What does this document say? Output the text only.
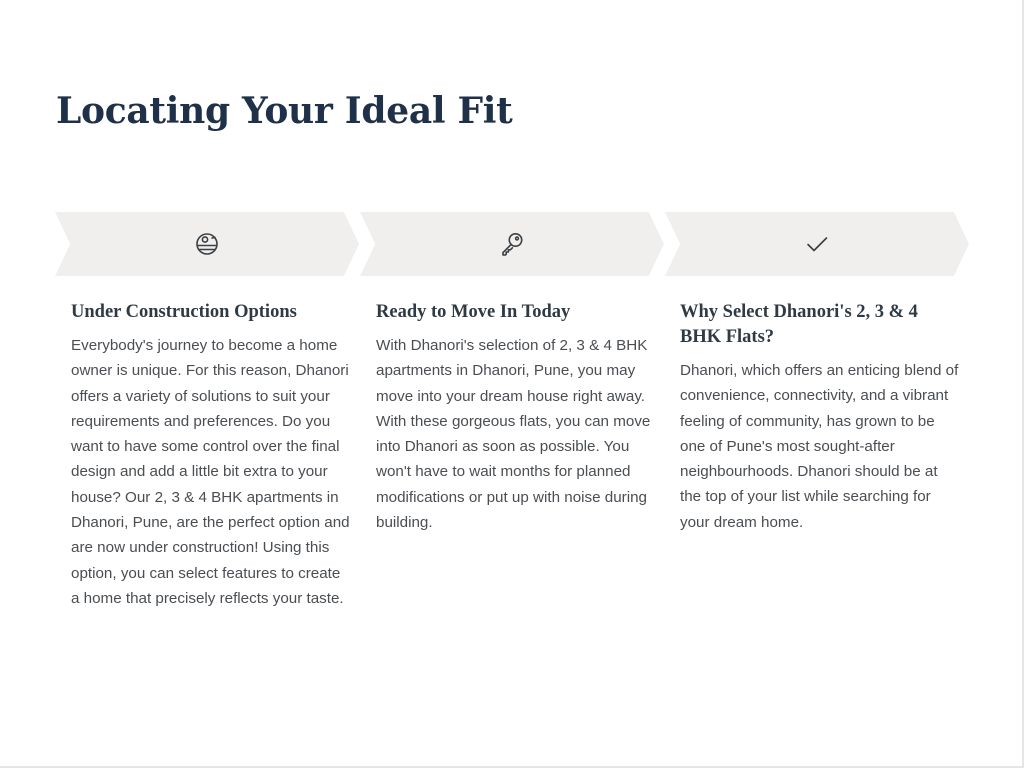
Locating Your Ideal Fit
Under Construction Options

Everybody's journey to become a home owner is unique. For this reason, Dhanori offers a variety of solutions to suit your requirements and preferences. Do you want to have some control over the final design and add a little bit extra to your house? Our 2, 3 & 4 BHK apartments in Dhanori, Pune, are the perfect option and are now under construction! Using this option, you can select features to create a home that precisely reflects your taste.

Ready to Move In Today

With Dhanori's selection of 2, 3 & 4 BHK apartments in Dhanori, Pune, you may move into your dream house right away. With these gorgeous flats, you can move into Dhanori as soon as possible. You won't have to wait months for planned modifications or put up with noise during building.

Why Select Dhanori's 2, 3 & 4 BHK Flats?

Dhanori, which offers an enticing blend of convenience, connectivity, and a vibrant feeling of community, has grown to be one of Pune's most sought-after neighbourhoods. Dhanori should be at the top of your list while searching for your dream home.
